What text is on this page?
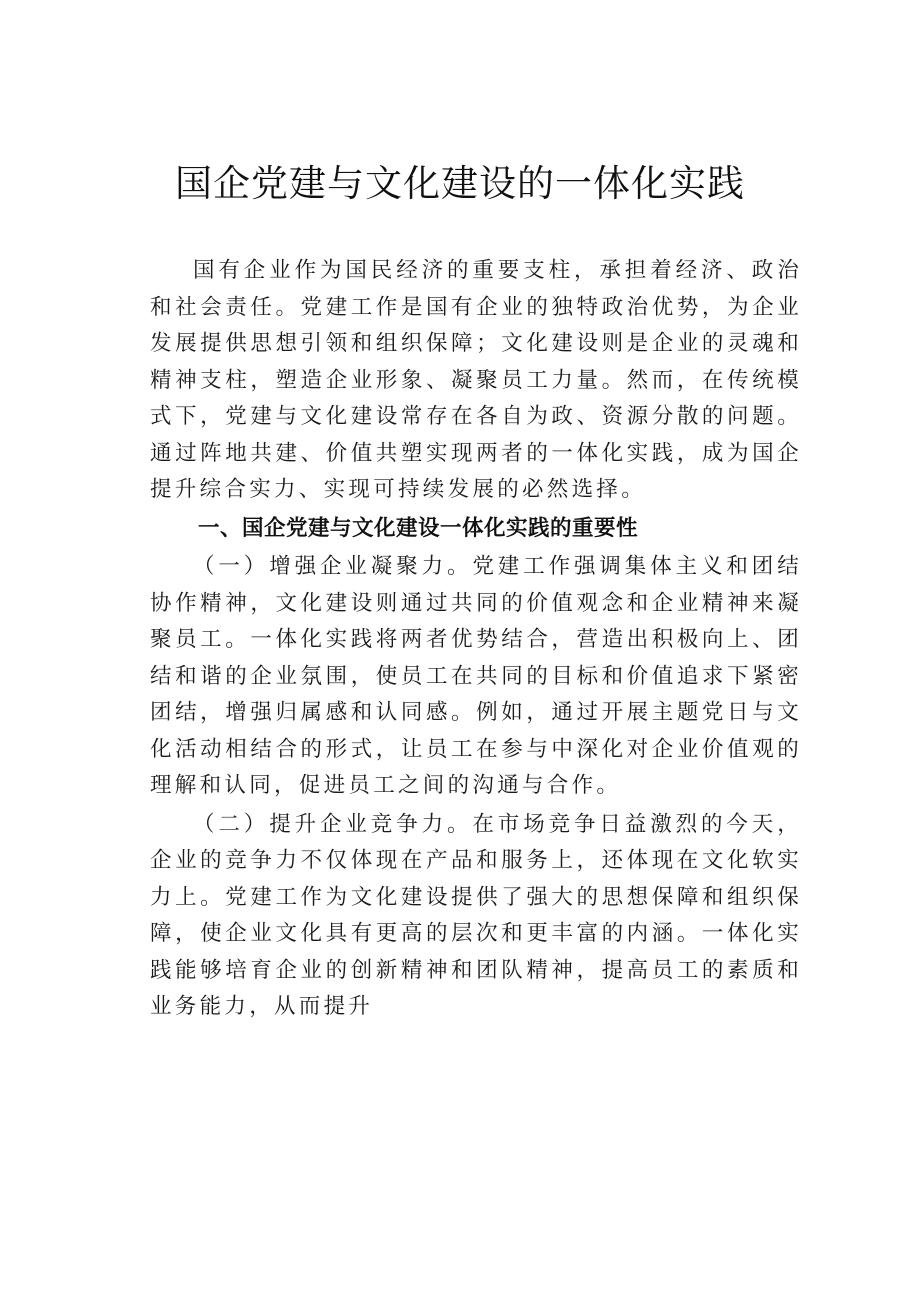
国企党建与文化建设的一体化实践

国有企业作为国民经济的重要支柱，承担着经济、政治和社会责任。党建工作是国有企业的独特政治优势，为企业发展提供思想引领和组织保障；文化建设则是企业的灵魂和精神支柱，塑造企业形象、凝聚员工力量。然而，在传统模式下，党建与文化建设常存在各自为政、资源分散的问题。通过阵地共建、价值共塑实现两者的一体化实践，成为国企提升综合实力、实现可持续发展的必然选择。

一、国企党建与文化建设一体化实践的重要性

（一）增强企业凝聚力。党建工作强调集体主义和团结协作精神，文化建设则通过共同的价值观念和企业精神来凝聚员工。一体化实践将两者优势结合，营造出积极向上、团结和谐的企业氛围，使员工在共同的目标和价值追求下紧密团结，增强归属感和认同感。例如，通过开展主题党日与文化活动相结合的形式，让员工在参与中深化对企业价值观的理解和认同，促进员工之间的沟通与合作。

（二）提升企业竞争力。在市场竞争日益激烈的今天，企业的竞争力不仅体现在产品和服务上，还体现在文化软实力上。党建工作为文化建设提供了强大的思想保障和组织保障，使企业文化具有更高的层次和更丰富的内涵。一体化实践能够培育企业的创新精神和团队精神，提高员工的素质和业务能力，从而提升
